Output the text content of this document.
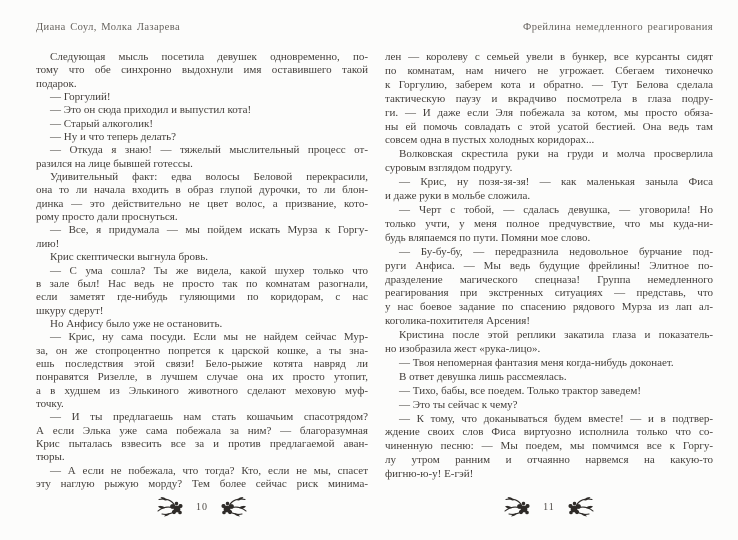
Диана Соул, Молка Лазарева
Следующая мысль посетила девушек одновременно, по-
тому что обе синхронно выдохнули имя оставившего такой
подарок.
— Горгулий!
— Это он сюда приходил и выпустил кота!
— Старый алкоголик!
— Ну и что теперь делать?
— Откуда я знаю! — тяжелый мыслительный процесс от-
разился на лице бывшей готессы.
Удивительный факт: едва волосы Беловой перекрасили,
она то ли начала входить в образ глупой дурочки, то ли блон-
динка — это действительно не цвет волос, а призвание, кото-
рому просто дали проснуться.
— Все, я придумала — мы пойдем искать Мурза к Горгу-
лию!
Крис скептически выгнула бровь.
— С ума сошла? Ты же видела, какой шухер только что
в зале был! Нас ведь не просто так по комнатам разогнали,
если заметят где-нибудь гуляющими по коридорам, с нас
шкуру сдерут!
Но Анфису было уже не остановить.
— Крис, ну сама посуди. Если мы не найдем сейчас Мур-
за, он же стопроцентно попрется к царской кошке, а ты зна-
ешь последствия этой связи! Бело-рыжие котята навряд ли
понравятся Ризелле, в лучшем случае она их просто утопит,
а в худшем из Элькиного животного сделают меховую муф-
точку.
— И ты предлагаешь нам стать кошачьим спасотрядом?
А если Элька уже сама побежала за ним? — благоразумная
Крис пыталась взвесить все за и против предлагаемой аван-
тюры.
— А если не побежала, что тогда? Кто, если не мы, спасет
эту наглую рыжую морду? Тем более сейчас риск минима-
10
Фрейлина немедленного реагирования
лен — королеву с семьей увели в бункер, все курсанты сидят
по комнатам, нам ничего не угрожает. Сбегаем тихонечко
к Горгулию, заберем кота и обратно. — Тут Белова сделала
тактическую паузу и вкрадчиво посмотрела в глаза подру-
ги. — И даже если Эля побежала за котом, мы просто обяза-
ны ей помочь совладать с этой усатой бестией. Она ведь там
совсем одна в пустых холодных коридорах...
Волковская скрестила руки на груди и молча просверлила
суровым взглядом подругу.
— Крис, ну позя-зя-зя! — как маленькая заныла Фиса
и даже руки в мольбе сложила.
— Черт с тобой, — сдалась девушка, — уговорила! Но
только учти, у меня полное предчувствие, что мы куда-ни-
будь вляпаемся по пути. Помяни мое слово.
— Бу-бу-бу, — передразнила недовольное бурчание под-
руги Анфиса. — Мы ведь будущие фрейлины! Элитное по-
дразделение магического спецназа! Группа немедленного
реагирования при экстренных ситуациях — представь, что
у нас боевое задание по спасению рядового Мурза из лап ал-
коголика-похитителя Арсения!
Кристина после этой реплики закатила глаза и показатель-
но изобразила жест «рука-лицо».
— Твоя непомерная фантазия меня когда-нибудь доконает.
В ответ девушка лишь рассмеялась.
— Тихо, бабы, все поедем. Только трактор заведем!
— Это ты сейчас к чему?
— К тому, что доканываться будем вместе! — и в подтвер-
ждение своих слов Фиса виртуозно исполнила только что со-
чиненную песню: — Мы поедем, мы помчимся все к Горгу-
лу утром ранним и отчаянно нарвемся на какую-то
фигню-ю-у! Е-гэй!
11
